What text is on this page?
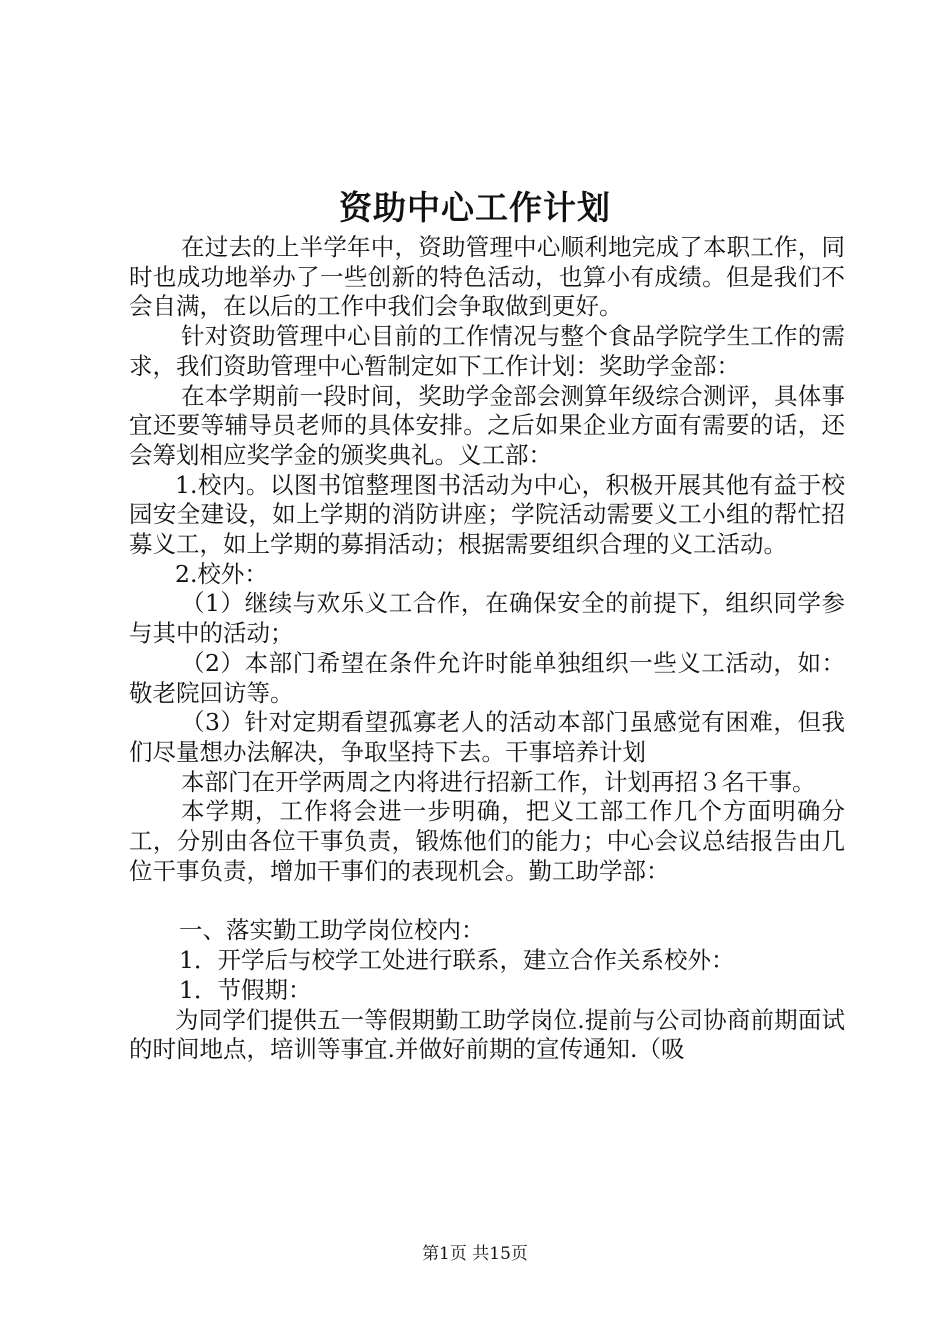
资助中心工作计划

在过去的上半学年中，资助管理中心顺利地完成了本职工作，同时也成功地举办了一些创新的特色活动，也算小有成绩。但是我们不会自满，在以后的工作中我们会争取做到更好。

针对资助管理中心目前的工作情况与整个食品学院学生工作的需求，我们资助管理中心暂制定如下工作计划：奖助学金部：

在本学期前一段时间，奖助学金部会测算年级综合测评，具体事宜还要等辅导员老师的具体安排。之后如果企业方面有需要的话，还会筹划相应奖学金的颁奖典礼。义工部：

1.校内。以图书馆整理图书活动为中心，积极开展其他有益于校园安全建设，如上学期的消防讲座；学院活动需要义工小组的帮忙招募义工，如上学期的募捐活动；根据需要组织合理的义工活动。

2.校外：

（1）继续与欢乐义工合作，在确保安全的前提下，组织同学参与其中的活动；

（2）本部门希望在条件允许时能单独组织一些义工活动，如：敬老院回访等。

（3）针对定期看望孤寡老人的活动本部门虽感觉有困难，但我们尽量想办法解决，争取坚持下去。干事培养计划

本部门在开学两周之内将进行招新工作，计划再招３名干事。

本学期，工作将会进一步明确，把义工部工作几个方面明确分工，分别由各位干事负责，锻炼他们的能力；中心会议总结报告由几位干事负责，增加干事们的表现机会。勤工助学部：

一、落实勤工助学岗位校内：

1．开学后与校学工处进行联系，建立合作关系校外：

1．节假期：

为同学们提供五一等假期勤工助学岗位.提前与公司协商前期面试的时间地点，培训等事宜.并做好前期的宣传通知.（吸

第1页 共15页
